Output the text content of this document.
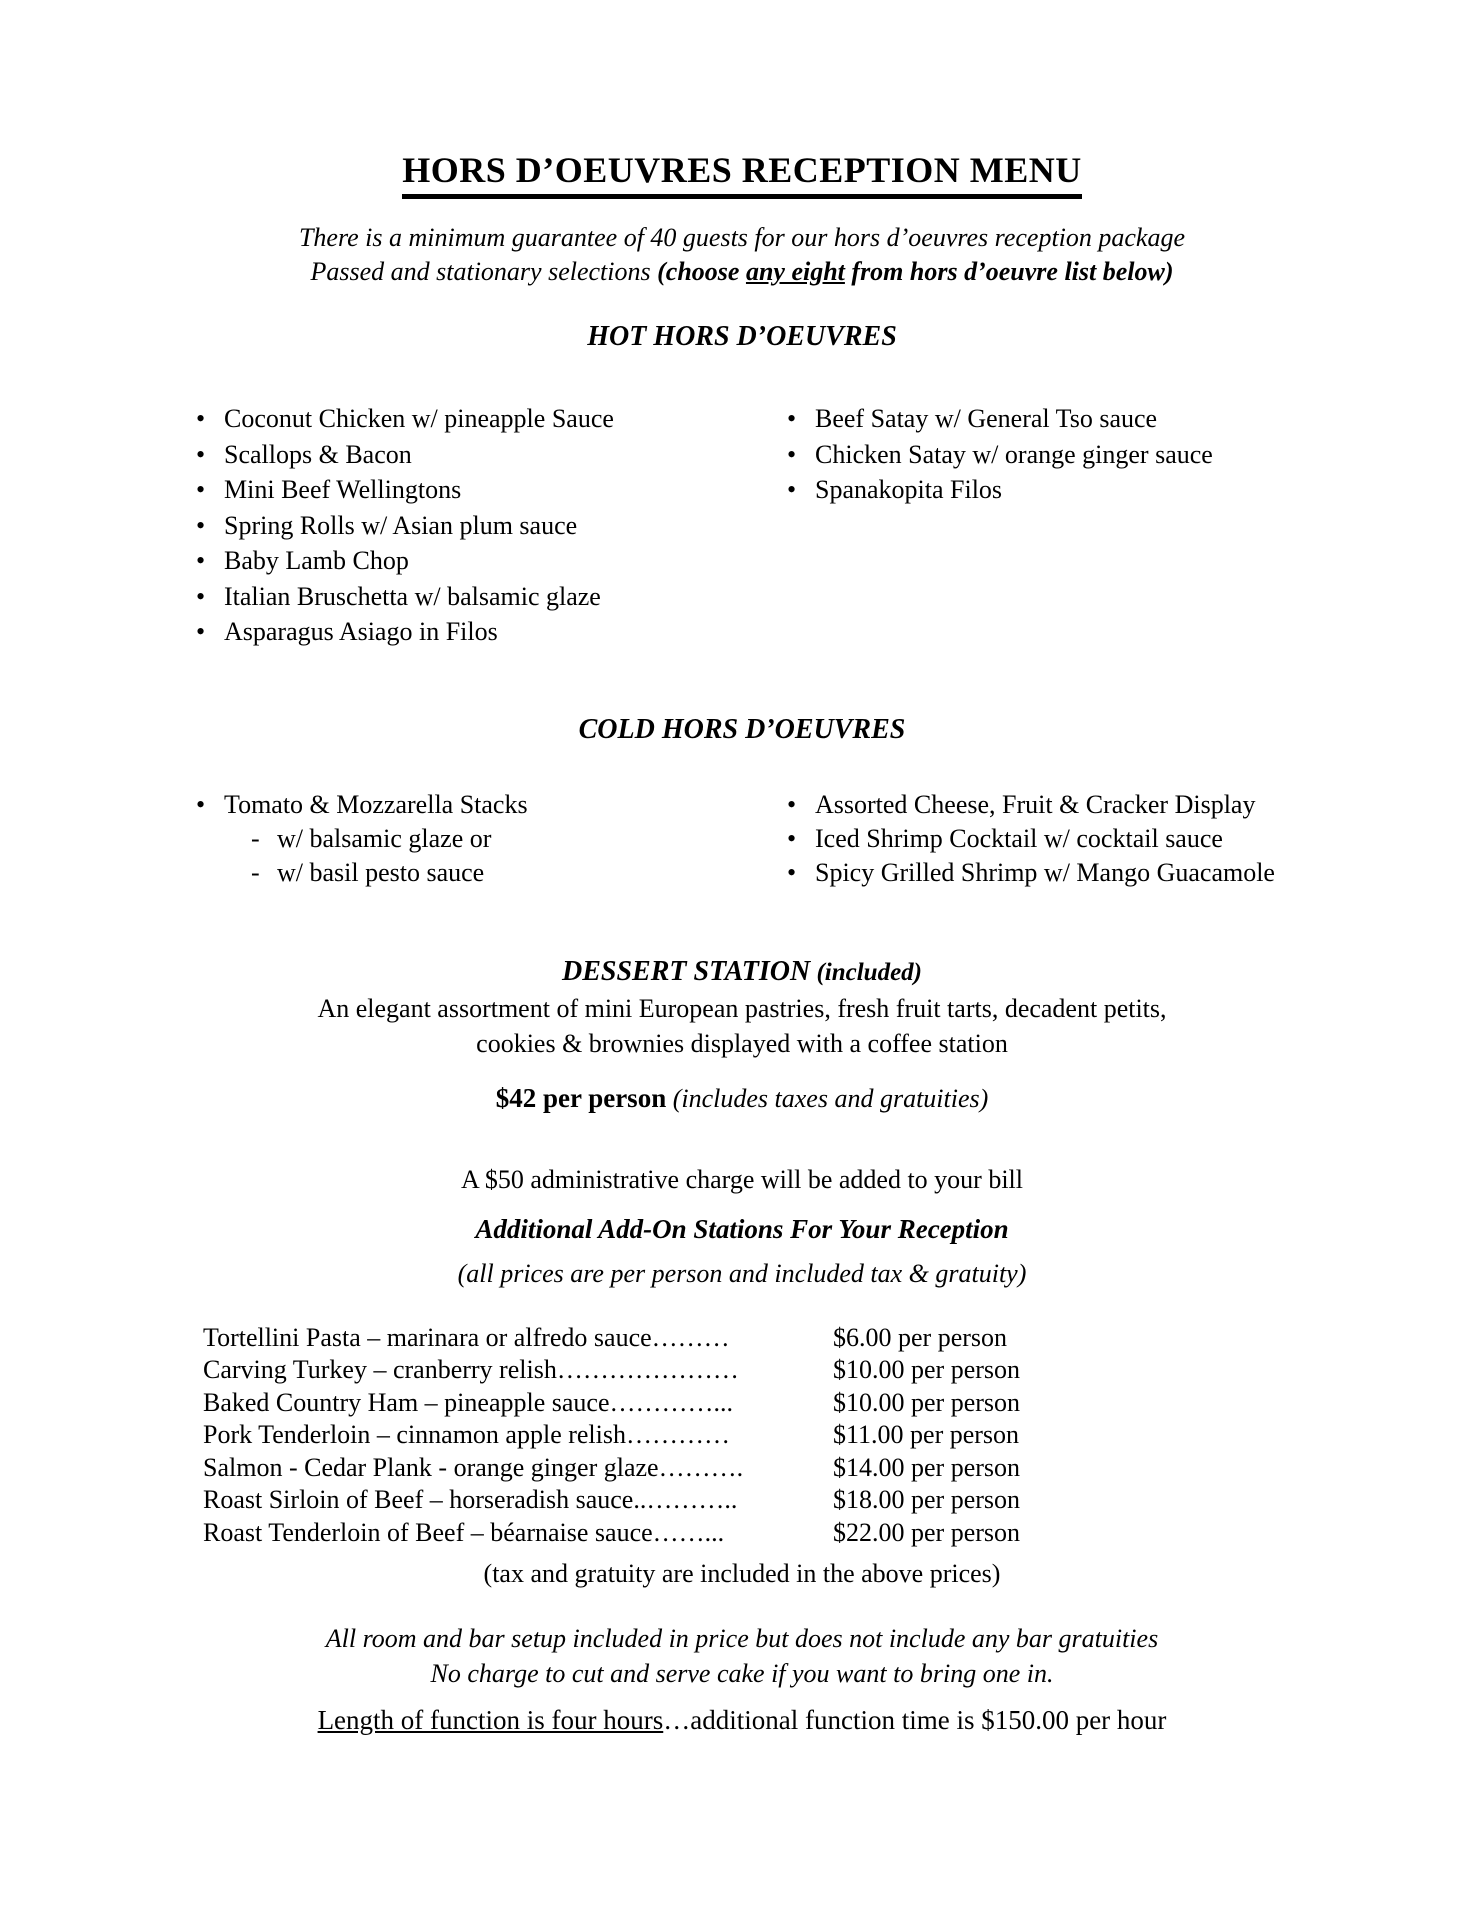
HORS D’OEUVRES RECEPTION MENU
There is a minimum guarantee of 40 guests for our hors d’oeuvres reception package
Passed and stationary selections (choose any eight from hors d’oeuvre list below)
HOT HORS D’OEUVRES
• Coconut Chicken w/ pineapple Sauce
• Scallops & Bacon
• Mini Beef Wellingtons
• Spring Rolls w/ Asian plum sauce
• Baby Lamb Chop
• Italian Bruschetta w/ balsamic glaze
• Asparagus Asiago in Filos
• Beef Satay w/ General Tso sauce
• Chicken Satay w/ orange ginger sauce
• Spanakopita Filos
COLD HORS D’OEUVRES
• Tomato & Mozzarella Stacks
- w/ balsamic glaze or
- w/ basil pesto sauce
• Assorted Cheese, Fruit & Cracker Display
• Iced Shrimp Cocktail w/ cocktail sauce
• Spicy Grilled Shrimp w/ Mango Guacamole
DESSERT STATION (included)
An elegant assortment of mini European pastries, fresh fruit tarts, decadent petits,
cookies & brownies displayed with a coffee station
$42 per person (includes taxes and gratuities)
A $50 administrative charge will be added to your bill
Additional Add-On Stations For Your Reception
(all prices are per person and included tax & gratuity)
Tortellini Pasta – marinara or alfredo sauce………	$6.00 per person
Carving Turkey – cranberry relish…………………	$10.00 per person
Baked Country Ham – pineapple sauce…………...	$10.00 per person
Pork Tenderloin – cinnamon apple relish…………	$11.00 per person
Salmon - Cedar Plank - orange ginger glaze……….	$14.00 per person
Roast Sirloin of Beef – horseradish sauce..………..	$18.00 per person
Roast Tenderloin of Beef – béarnaise sauce……...	$22.00 per person
(tax and gratuity are included in the above prices)
All room and bar setup included in price but does not include any bar gratuities
No charge to cut and serve cake if you want to bring one in.
Length of function is four hours…additional function time is $150.00 per hour
